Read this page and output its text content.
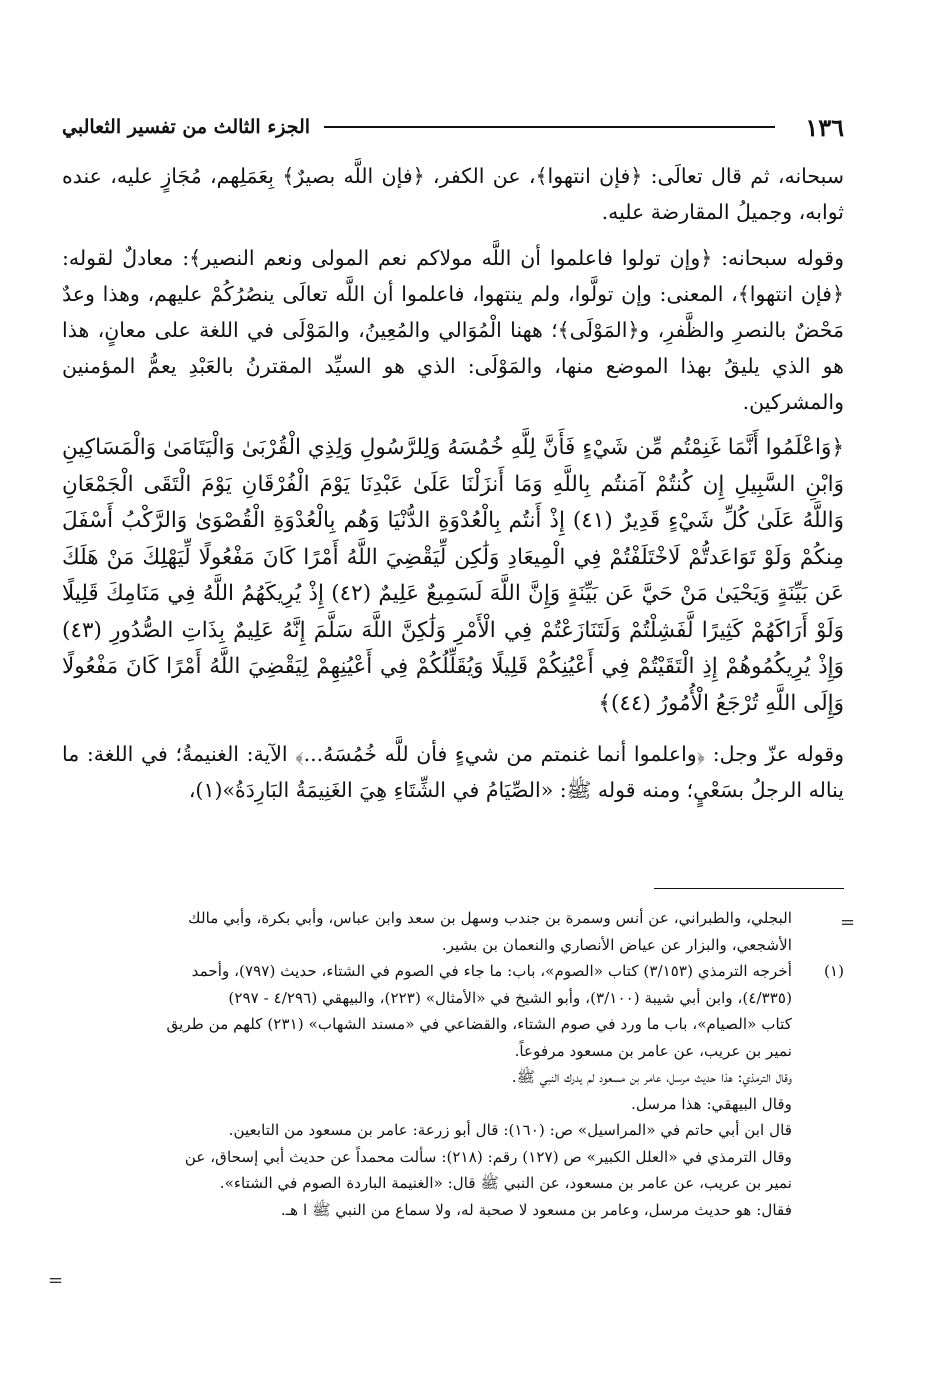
١٣٦
الجزء الثالث من تفسير الثعالبي

سبحانه، ثم قال تعالَى: ﴿فإن انتهوا﴾، عن الكفر، ﴿فإن اللَّه بصيرٌ﴾ بِعَمَلِهم، مُجَازٍ عليه، عنده ثوابه، وجميلُ المقارضة عليه.

وقوله سبحانه: ﴿وإن تولوا فاعلموا أن اللَّه مولاكم نعم المولى ونعم النصير﴾: معادلٌ لقوله: ﴿فإن انتهوا﴾، المعنى: وإن تولَّوا، ولم ينتهوا، فاعلموا أن اللَّه تعالَى ينصُرُكُمْ عليهم، وهذا وعدٌ مَحْضٌ بالنصرِ والظَّفرِ، و﴿المَوْلَى﴾؛ ههنا الْمُوَالي والمُعِينُ، والمَوْلَى في اللغة على معانٍ، هذا هو الذي يليقُ بهذا الموضع منها، والمَوْلَى: الذي هو السيِّد المقترنُ بالعَبْدِ يعمُّ المؤمنين والمشركين.

﴿وَاعْلَمُوا أَنَّمَا غَنِمْتُم مِّن شَيْءٍ فَأَنَّ لِلَّهِ خُمُسَهُ وَلِلرَّسُولِ وَلِذِي الْقُرْبَىٰ وَالْيَتَامَىٰ وَالْمَسَاكِينِ وَابْنِ السَّبِيلِ إِن كُنتُمْ آمَنتُم بِاللَّهِ وَمَا أَنزَلْنَا عَلَىٰ عَبْدِنَا يَوْمَ الْفُرْقَانِ يَوْمَ الْتَقَى الْجَمْعَانِ وَاللَّهُ عَلَىٰ كُلِّ شَيْءٍ قَدِيرٌ (٤١) إِذْ أَنتُم بِالْعُدْوَةِ الدُّنْيَا وَهُم بِالْعُدْوَةِ الْقُصْوَىٰ وَالرَّكْبُ أَسْفَلَ مِنكُمْ وَلَوْ تَوَاعَدتُّمْ لَاخْتَلَفْتُمْ فِي الْمِيعَادِ وَلَٰكِن لِّيَقْضِيَ اللَّهُ أَمْرًا كَانَ مَفْعُولًا لِّيَهْلِكَ مَنْ هَلَكَ عَن بَيِّنَةٍ وَيَحْيَىٰ مَنْ حَيَّ عَن بَيِّنَةٍ وَإِنَّ اللَّهَ لَسَمِيعٌ عَلِيمٌ (٤٢) إِذْ يُرِيكَهُمُ اللَّهُ فِي مَنَامِكَ قَلِيلًا وَلَوْ أَرَاكَهُمْ كَثِيرًا لَّفَشِلْتُمْ وَلَتَنَازَعْتُمْ فِي الْأَمْرِ وَلَٰكِنَّ اللَّهَ سَلَّمَ إِنَّهُ عَلِيمٌ بِذَاتِ الصُّدُورِ (٤٣) وَإِذْ يُرِيكُمُوهُمْ إِذِ الْتَقَيْتُمْ فِي أَعْيُنِكُمْ قَلِيلًا وَيُقَلِّلُكُمْ فِي أَعْيُنِهِمْ لِيَقْضِيَ اللَّهُ أَمْرًا كَانَ مَفْعُولًا وَإِلَى اللَّهِ تُرْجَعُ الْأُمُورُ (٤٤)﴾

وقوله عزّ وجل: ﴿واعلموا أنما غنمتم من شيءٍ فأن للَّه خُمُسَهُ...﴾ الآية: الغنيمةُ؛ في اللغة: ما يناله الرجلُ بسَعْيٍ؛ ومنه قوله ﷺ: «الصِّيَامُ في الشِّتَاءِ هِيَ الغَنِيمَةُ البَارِدَةُ»(١)،

=

البجلي، والطبراني، عن أنس وسمرة بن جندب وسهل بن سعد وابن عباس، وأبي بكرة، وأبي مالك

الأشجعي، والبزار عن عياض الأنصاري والنعمان بن بشير.

(١)أخرجه الترمذي (٣/١٥٣) كتاب «الصوم»، باب: ما جاء في الصوم في الشتاء، حديث (٧٩٧)، وأحمد

(٤/٣٣٥)، وابن أبي شيبة (٣/١٠٠)، وأبو الشيخ في «الأمثال» (٢٢٣)، والبيهقي (٤/٢٩٦ - ٢٩٧)

كتاب «الصيام»، باب ما ورد في صوم الشتاء، والقضاعي في «مسند الشهاب» (٢٣١) كلهم من طريق

نمير بن عريب، عن عامر بن مسعود مرفوعاً.

وقال الترمذي: هذا حديث مرسل، عامر بن مسعود لم يدرك النبي ﷺ.

وقال البيهقي: هذا مرسل.

قال ابن أبي حاتم في «المراسيل» ص: (١٦٠): قال أبو زرعة: عامر بن مسعود من التابعين.

وقال الترمذي في «العلل الكبير» ص (١٢٧) رقم: (٢١٨): سألت محمداً عن حديث أبي إسحاق، عن

نمير بن عريب، عن عامر بن مسعود، عن النبي ﷺ قال: «الغنيمة الباردة الصوم في الشتاء».

فقال: هو حديث مرسل، وعامر بن مسعود لا صحبة له، ولا سماع من النبي ﷺ ا هـ.

=
